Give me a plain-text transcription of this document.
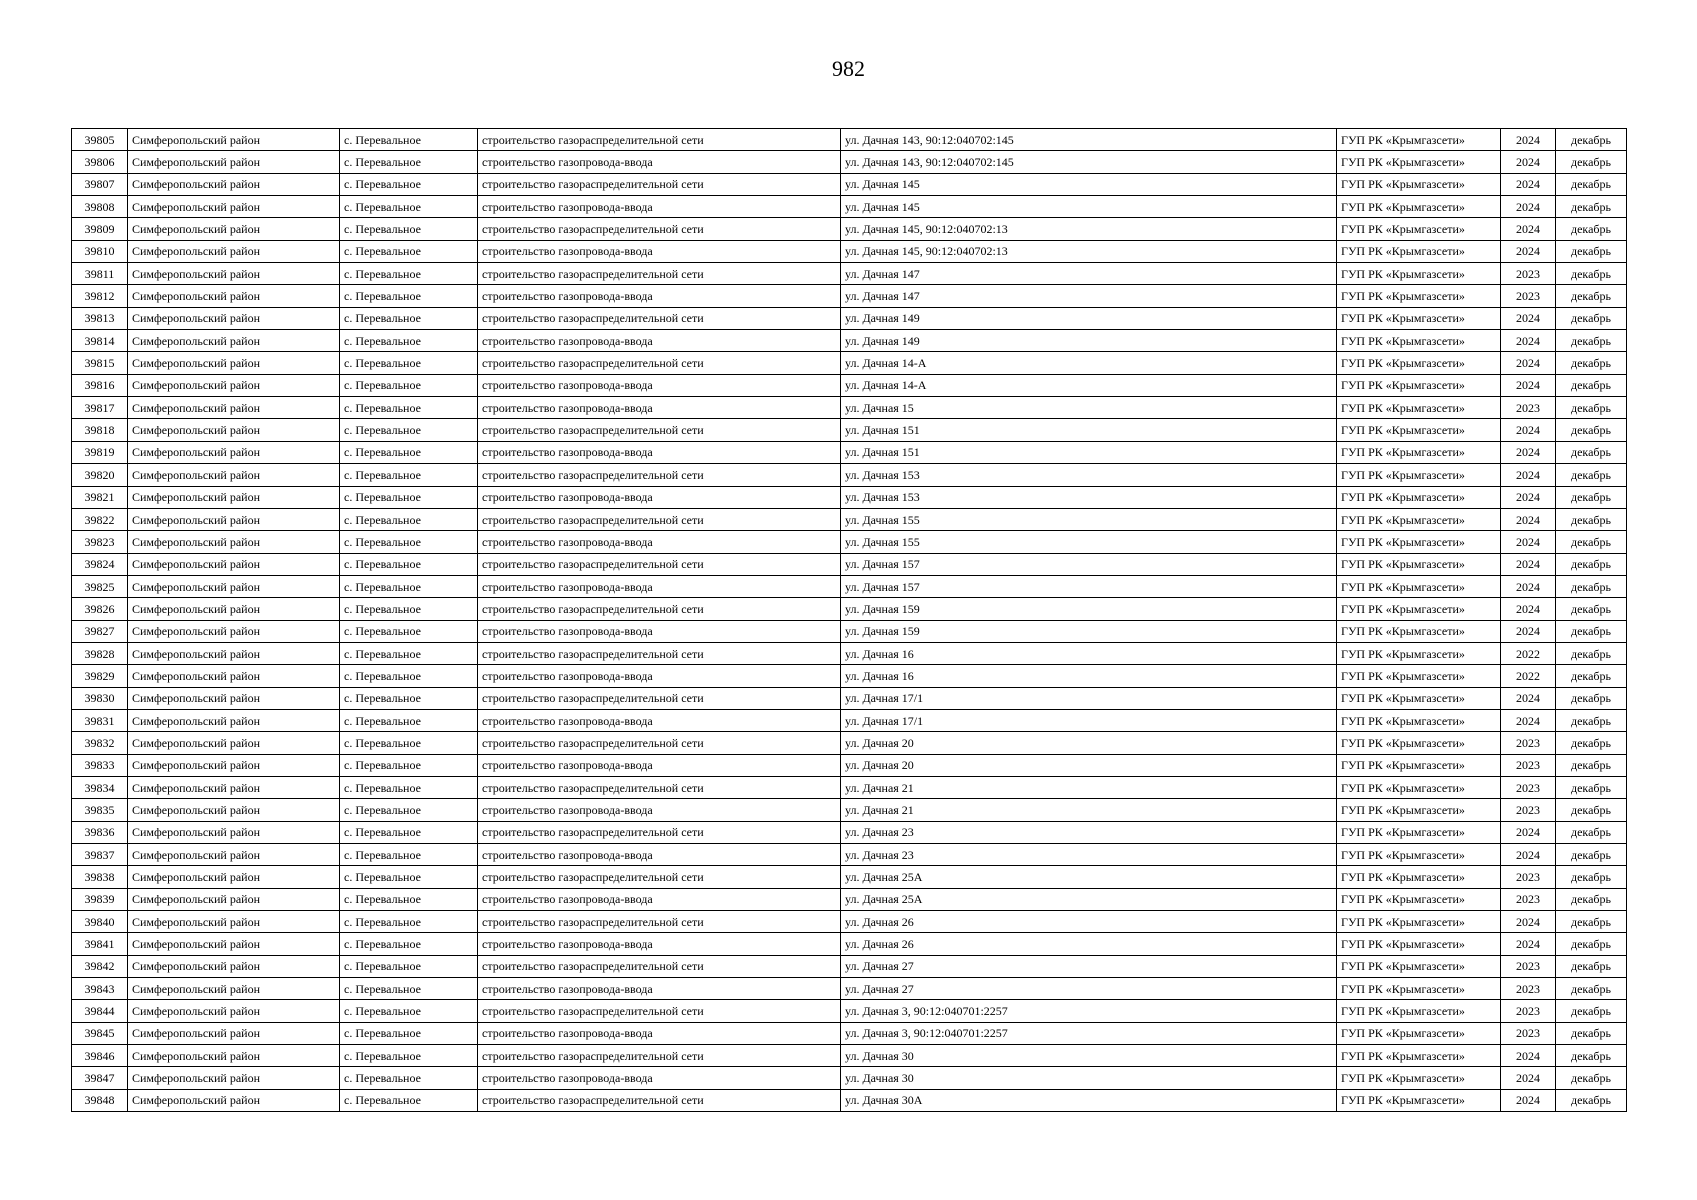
982
39805	Симферопольский район	с. Перевальное	строительство газораспределительной сети	ул. Дачная 143, 90:12:040702:145	ГУП РК «Крымгазсети»	2024	декабрь
39806	Симферопольский район	с. Перевальное	строительство газопровода-ввода	ул. Дачная 143, 90:12:040702:145	ГУП РК «Крымгазсети»	2024	декабрь
39807	Симферопольский район	с. Перевальное	строительство газораспределительной сети	ул. Дачная 145	ГУП РК «Крымгазсети»	2024	декабрь
39808	Симферопольский район	с. Перевальное	строительство газопровода-ввода	ул. Дачная 145	ГУП РК «Крымгазсети»	2024	декабрь
39809	Симферопольский район	с. Перевальное	строительство газораспределительной сети	ул. Дачная 145, 90:12:040702:13	ГУП РК «Крымгазсети»	2024	декабрь
39810	Симферопольский район	с. Перевальное	строительство газопровода-ввода	ул. Дачная 145, 90:12:040702:13	ГУП РК «Крымгазсети»	2024	декабрь
39811	Симферопольский район	с. Перевальное	строительство газораспределительной сети	ул. Дачная 147	ГУП РК «Крымгазсети»	2023	декабрь
39812	Симферопольский район	с. Перевальное	строительство газопровода-ввода	ул. Дачная 147	ГУП РК «Крымгазсети»	2023	декабрь
39813	Симферопольский район	с. Перевальное	строительство газораспределительной сети	ул. Дачная 149	ГУП РК «Крымгазсети»	2024	декабрь
39814	Симферопольский район	с. Перевальное	строительство газопровода-ввода	ул. Дачная 149	ГУП РК «Крымгазсети»	2024	декабрь
39815	Симферопольский район	с. Перевальное	строительство газораспределительной сети	ул. Дачная 14-А	ГУП РК «Крымгазсети»	2024	декабрь
39816	Симферопольский район	с. Перевальное	строительство газопровода-ввода	ул. Дачная 14-А	ГУП РК «Крымгазсети»	2024	декабрь
39817	Симферопольский район	с. Перевальное	строительство газопровода-ввода	ул. Дачная 15	ГУП РК «Крымгазсети»	2023	декабрь
39818	Симферопольский район	с. Перевальное	строительство газораспределительной сети	ул. Дачная 151	ГУП РК «Крымгазсети»	2024	декабрь
39819	Симферопольский район	с. Перевальное	строительство газопровода-ввода	ул. Дачная 151	ГУП РК «Крымгазсети»	2024	декабрь
39820	Симферопольский район	с. Перевальное	строительство газораспределительной сети	ул. Дачная 153	ГУП РК «Крымгазсети»	2024	декабрь
39821	Симферопольский район	с. Перевальное	строительство газопровода-ввода	ул. Дачная 153	ГУП РК «Крымгазсети»	2024	декабрь
39822	Симферопольский район	с. Перевальное	строительство газораспределительной сети	ул. Дачная 155	ГУП РК «Крымгазсети»	2024	декабрь
39823	Симферопольский район	с. Перевальное	строительство газопровода-ввода	ул. Дачная 155	ГУП РК «Крымгазсети»	2024	декабрь
39824	Симферопольский район	с. Перевальное	строительство газораспределительной сети	ул. Дачная 157	ГУП РК «Крымгазсети»	2024	декабрь
39825	Симферопольский район	с. Перевальное	строительство газопровода-ввода	ул. Дачная 157	ГУП РК «Крымгазсети»	2024	декабрь
39826	Симферопольский район	с. Перевальное	строительство газораспределительной сети	ул. Дачная 159	ГУП РК «Крымгазсети»	2024	декабрь
39827	Симферопольский район	с. Перевальное	строительство газопровода-ввода	ул. Дачная 159	ГУП РК «Крымгазсети»	2024	декабрь
39828	Симферопольский район	с. Перевальное	строительство газораспределительной сети	ул. Дачная 16	ГУП РК «Крымгазсети»	2022	декабрь
39829	Симферопольский район	с. Перевальное	строительство газопровода-ввода	ул. Дачная 16	ГУП РК «Крымгазсети»	2022	декабрь
39830	Симферопольский район	с. Перевальное	строительство газораспределительной сети	ул. Дачная 17/1	ГУП РК «Крымгазсети»	2024	декабрь
39831	Симферопольский район	с. Перевальное	строительство газопровода-ввода	ул. Дачная 17/1	ГУП РК «Крымгазсети»	2024	декабрь
39832	Симферопольский район	с. Перевальное	строительство газораспределительной сети	ул. Дачная 20	ГУП РК «Крымгазсети»	2023	декабрь
39833	Симферопольский район	с. Перевальное	строительство газопровода-ввода	ул. Дачная 20	ГУП РК «Крымгазсети»	2023	декабрь
39834	Симферопольский район	с. Перевальное	строительство газораспределительной сети	ул. Дачная 21	ГУП РК «Крымгазсети»	2023	декабрь
39835	Симферопольский район	с. Перевальное	строительство газопровода-ввода	ул. Дачная 21	ГУП РК «Крымгазсети»	2023	декабрь
39836	Симферопольский район	с. Перевальное	строительство газораспределительной сети	ул. Дачная 23	ГУП РК «Крымгазсети»	2024	декабрь
39837	Симферопольский район	с. Перевальное	строительство газопровода-ввода	ул. Дачная 23	ГУП РК «Крымгазсети»	2024	декабрь
39838	Симферопольский район	с. Перевальное	строительство газораспределительной сети	ул. Дачная 25А	ГУП РК «Крымгазсети»	2023	декабрь
39839	Симферопольский район	с. Перевальное	строительство газопровода-ввода	ул. Дачная 25А	ГУП РК «Крымгазсети»	2023	декабрь
39840	Симферопольский район	с. Перевальное	строительство газораспределительной сети	ул. Дачная 26	ГУП РК «Крымгазсети»	2024	декабрь
39841	Симферопольский район	с. Перевальное	строительство газопровода-ввода	ул. Дачная 26	ГУП РК «Крымгазсети»	2024	декабрь
39842	Симферопольский район	с. Перевальное	строительство газораспределительной сети	ул. Дачная 27	ГУП РК «Крымгазсети»	2023	декабрь
39843	Симферопольский район	с. Перевальное	строительство газопровода-ввода	ул. Дачная 27	ГУП РК «Крымгазсети»	2023	декабрь
39844	Симферопольский район	с. Перевальное	строительство газораспределительной сети	ул. Дачная 3, 90:12:040701:2257	ГУП РК «Крымгазсети»	2023	декабрь
39845	Симферопольский район	с. Перевальное	строительство газопровода-ввода	ул. Дачная 3, 90:12:040701:2257	ГУП РК «Крымгазсети»	2023	декабрь
39846	Симферопольский район	с. Перевальное	строительство газораспределительной сети	ул. Дачная 30	ГУП РК «Крымгазсети»	2024	декабрь
39847	Симферопольский район	с. Перевальное	строительство газопровода-ввода	ул. Дачная 30	ГУП РК «Крымгазсети»	2024	декабрь
39848	Симферопольский район	с. Перевальное	строительство газораспределительной сети	ул. Дачная 30А	ГУП РК «Крымгазсети»	2024	декабрь
